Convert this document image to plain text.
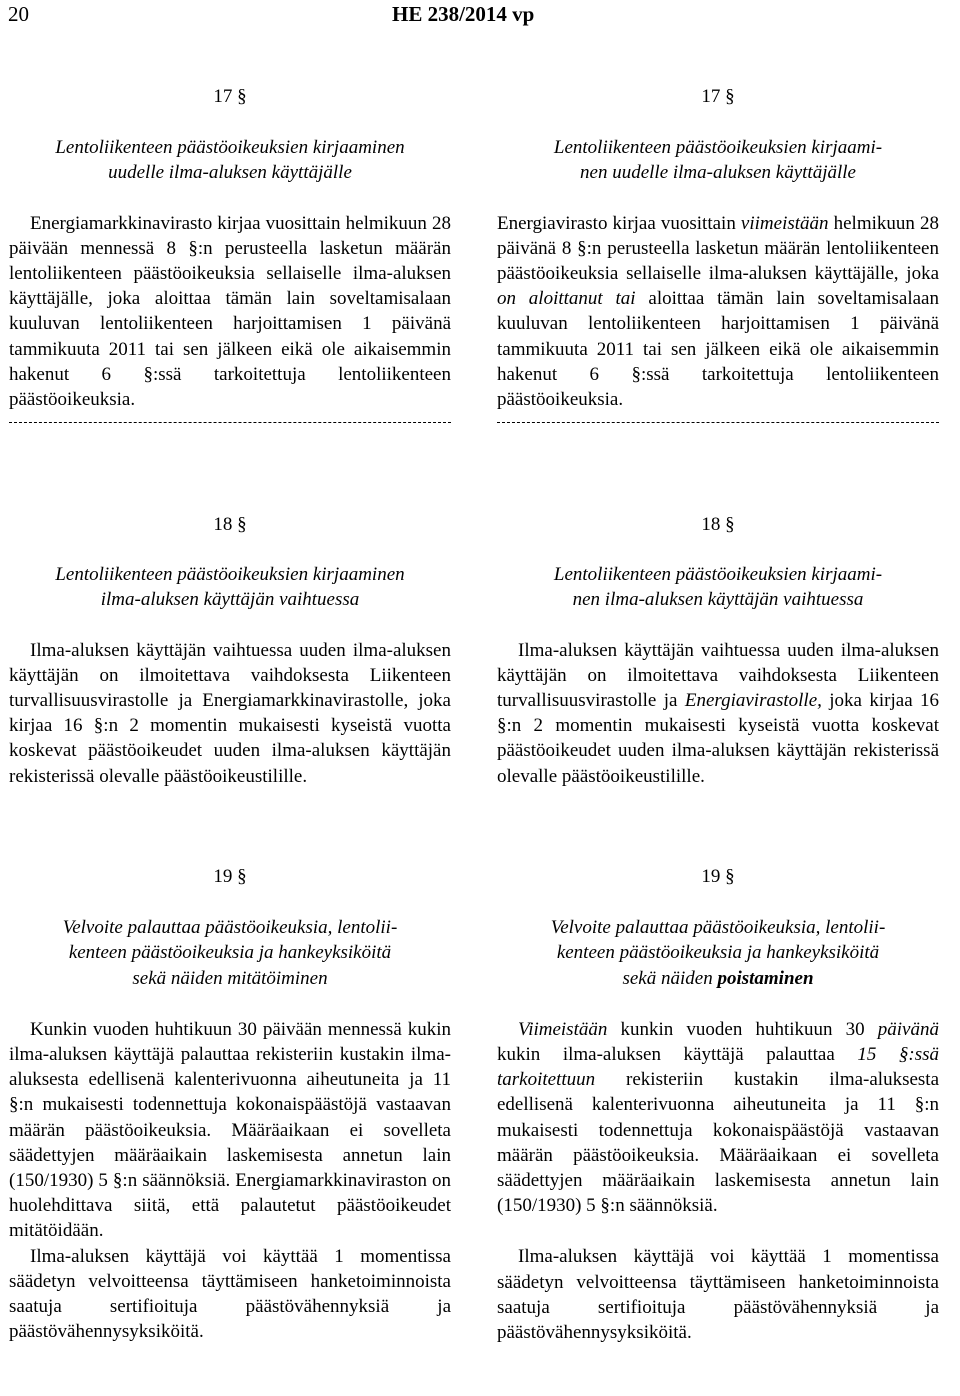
20	HE 238/2014 vp

17 §

Lentoliikenteen päästöoikeuksien kirjaaminen

uudelle ilma-aluksen käyttäjälle

Energiamarkkinavirasto kirjaa vuosittain helmikuun 28 päivään mennessä 8 §:n perusteella lasketun määrän lentoliikenteen päästöoikeuksia sellaiselle ilma-aluksen käyttäjälle, joka aloittaa tämän lain soveltamisalaan kuuluvan lentoliikenteen harjoittamisen 1 päivänä tammikuuta 2011 tai sen jälkeen eikä ole aikaisemmin hakenut 6 §:ssä tarkoitettuja lentoliikenteen päästöoikeuksia.

18 §

Lentoliikenteen päästöoikeuksien kirjaaminen

ilma-aluksen käyttäjän vaihtuessa

Ilma-aluksen käyttäjän vaihtuessa uuden ilma-aluksen käyttäjän on ilmoitettava vaihdoksesta Liikenteen turvallisuusvirastolle ja Energiamarkkinavirastolle, joka kirjaa 16 §:n 2 momentin mukaisesti kyseistä vuotta koskevat päästöoikeudet uuden ilma-aluksen käyttäjän rekisterissä olevalle päästöoikeustilille.

19 §

Velvoite palauttaa päästöoikeuksia, lentolii-

kenteen päästöoikeuksia ja hankeyksiköitä

sekä näiden mitätöiminen

Kunkin vuoden huhtikuun 30 päivään mennessä kukin ilma-aluksen käyttäjä palauttaa rekisteriin kustakin ilma-aluksesta edellisenä kalenterivuonna aiheutuneita ja 11 §:n mukaisesti todennettuja kokonaispäästöjä vastaavan määrän päästöoikeuksia. Määräaikaan ei sovelleta säädettyjen määräaikain laskemisesta annetun lain (150/1930) 5 §:n säännöksiä. Energiamarkkinaviraston on huolehdittava siitä, että palautetut päästöoikeudet mitätöidään.

Ilma-aluksen käyttäjä voi käyttää 1 momentissa säädetyn velvoitteensa täyttämiseen hanketoiminnoista saatuja sertifioituja päästövähennyksiä ja päästövähennysyksiköitä.

17 §

Lentoliikenteen päästöoikeuksien kirjaami-

nen uudelle ilma-aluksen käyttäjälle

Energiavirasto kirjaa vuosittain viimeistään helmikuun 28 päivänä 8 §:n perusteella lasketun määrän lentoliikenteen päästöoikeuksia sellaiselle ilma-aluksen käyttäjälle, joka on aloittanut tai aloittaa tämän lain soveltamisalaan kuuluvan lentoliikenteen harjoittamisen 1 päivänä tammikuuta 2011 tai sen jälkeen eikä ole aikaisemmin hakenut 6 §:ssä tarkoitettuja lentoliikenteen päästöoikeuksia.

18 §

Lentoliikenteen päästöoikeuksien kirjaami-

nen ilma-aluksen käyttäjän vaihtuessa

Ilma-aluksen käyttäjän vaihtuessa uuden ilma-aluksen käyttäjän on ilmoitettava vaihdoksesta Liikenteen turvallisuusvirastolle ja Energiavirastolle, joka kirjaa 16 §:n 2 momentin mukaisesti kyseistä vuotta koskevat päästöoikeudet uuden ilma-aluksen käyttäjän rekisterissä olevalle päästöoikeustilille.

19 §

Velvoite palauttaa päästöoikeuksia, lentolii-

kenteen päästöoikeuksia ja hankeyksiköitä

sekä näiden poistaminen

Viimeistään kunkin vuoden huhtikuun 30 päivänä kukin ilma-aluksen käyttäjä palauttaa 15 §:ssä tarkoitettuun rekisteriin kustakin ilma-aluksesta edellisenä kalenterivuonna aiheutuneita ja 11 §:n mukaisesti todennettuja kokonaispäästöjä vastaavan määrän päästöoikeuksia. Määräaikaan ei sovelleta säädettyjen määräaikain laskemisesta annetun lain (150/1930) 5 §:n säännöksiä.

Ilma-aluksen käyttäjä voi käyttää 1 momentissa säädetyn velvoitteensa täyttämiseen hanketoiminnoista saatuja sertifioituja päästövähennyksiä ja päästövähennysyksiköitä.
